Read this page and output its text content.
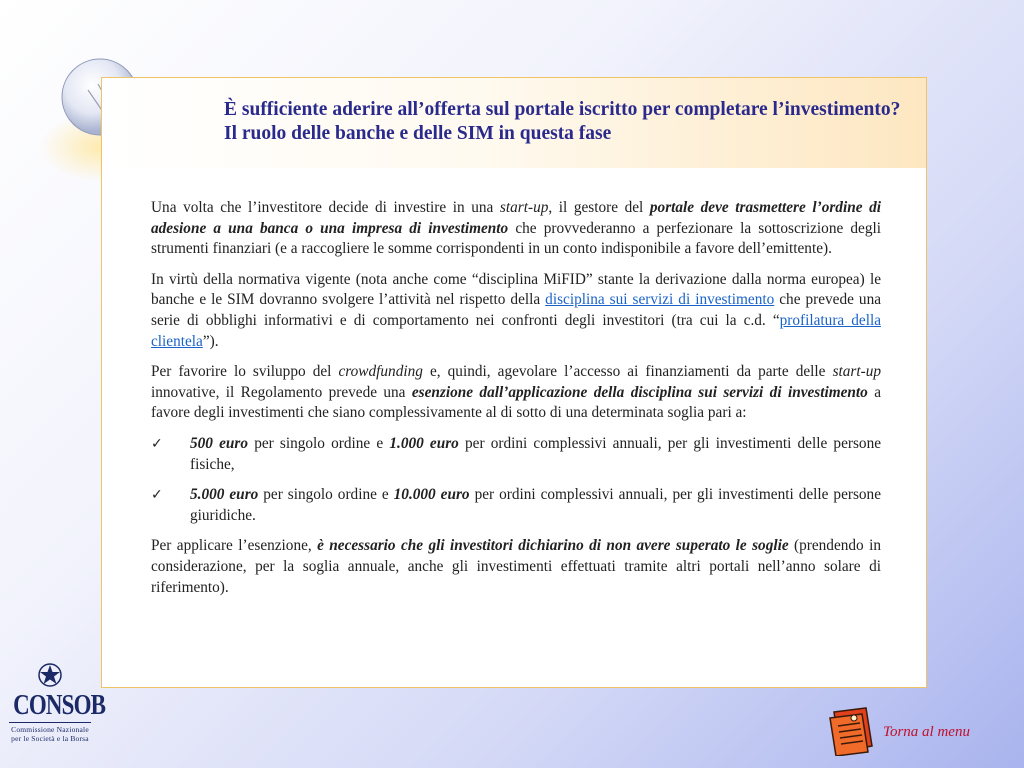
È sufficiente aderire all’offerta sul portale iscritto per completare l’investimento? Il ruolo delle banche e delle SIM in questa fase

Una volta che l’investitore decide di investire in una start-up, il gestore del portale deve trasmettere l’ordine di adesione a una banca o una impresa di investimento che provvederanno a perfezionare la sottoscrizione degli strumenti finanziari (e a raccogliere le somme corrispondenti in un conto indisponibile a favore dell’emittente).

In virtù della normativa vigente (nota anche come “disciplina MiFID” stante la derivazione dalla norma europea) le banche e le SIM dovranno svolgere l’attività nel rispetto della disciplina sui servizi di investimento che prevede una serie di obblighi informativi e di comportamento nei confronti degli investitori (tra cui la c.d. “profilatura della clientela”).

Per favorire lo sviluppo del crowdfunding e, quindi, agevolare l’accesso ai finanziamenti da parte delle start-up innovative, il Regolamento prevede una esenzione dall’applicazione della disciplina sui servizi di investimento a favore degli investimenti che siano complessivamente al di sotto di una determinata soglia pari a:

✓ 500 euro per singolo ordine e 1.000 euro per ordini complessivi annuali, per gli investimenti delle persone fisiche,
✓ 5.000 euro per singolo ordine e 10.000 euro per ordini complessivi annuali, per gli investimenti delle persone giuridiche.

Per applicare l’esenzione, è necessario che gli investitori dichiarino di non avere superato le soglie (prendendo in considerazione, per la soglia annuale, anche gli investimenti effettuati tramite altri portali nell’anno solare di riferimento).

CONSOB
Commissione Nazionale
per le Società e la Borsa	Torna al menu
